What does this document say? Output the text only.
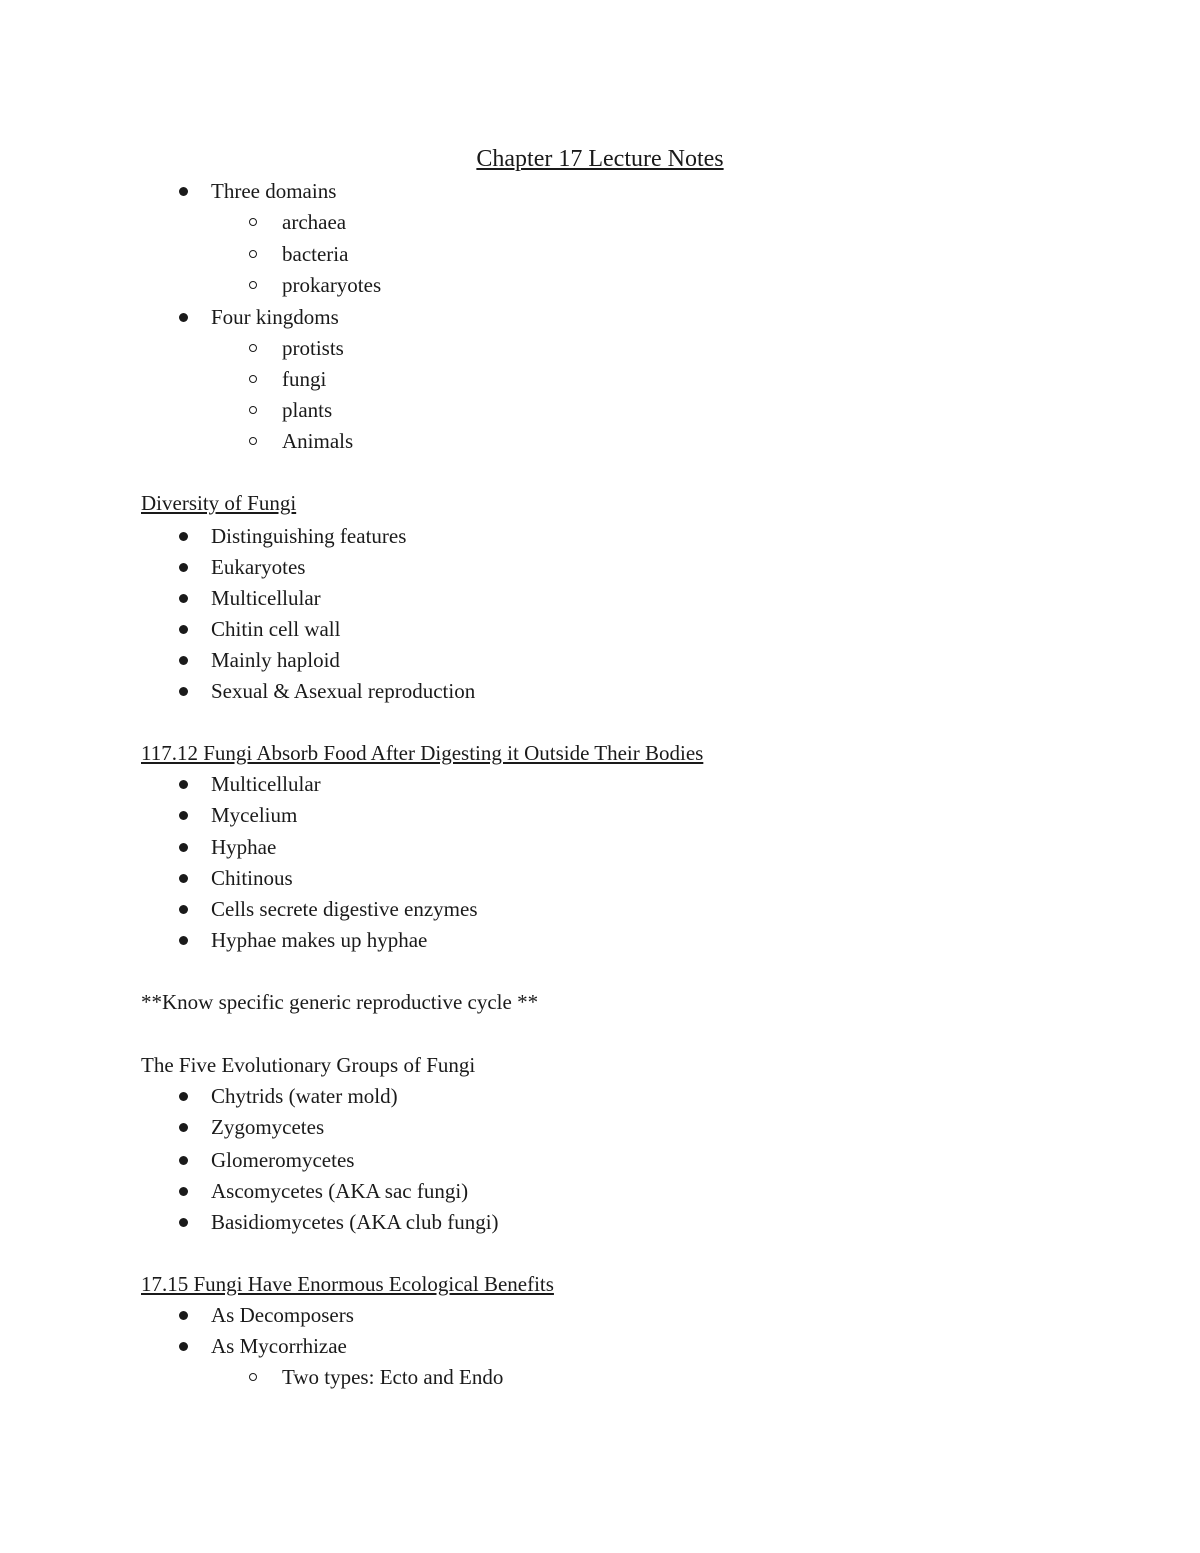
Chapter 17 Lecture Notes
Three domains
archaea
bacteria
prokaryotes
Four kingdoms
protists
fungi
plants
Animals
Diversity of Fungi
Distinguishing features
Eukaryotes
Multicellular
Chitin cell wall
Mainly haploid
Sexual & Asexual reproduction
117.12 Fungi Absorb Food After Digesting it Outside Their Bodies
Multicellular
Mycelium
Hyphae
Chitinous
Cells secrete digestive enzymes
Hyphae makes up hyphae
**Know specific generic reproductive cycle **
The Five Evolutionary Groups of Fungi
Chytrids (water mold)
Zygomycetes
Glomeromycetes
Ascomycetes (AKA sac fungi)
Basidiomycetes (AKA club fungi)
17.15 Fungi Have Enormous Ecological Benefits
As Decomposers
As Mycorrhizae
Two types: Ecto and Endo
